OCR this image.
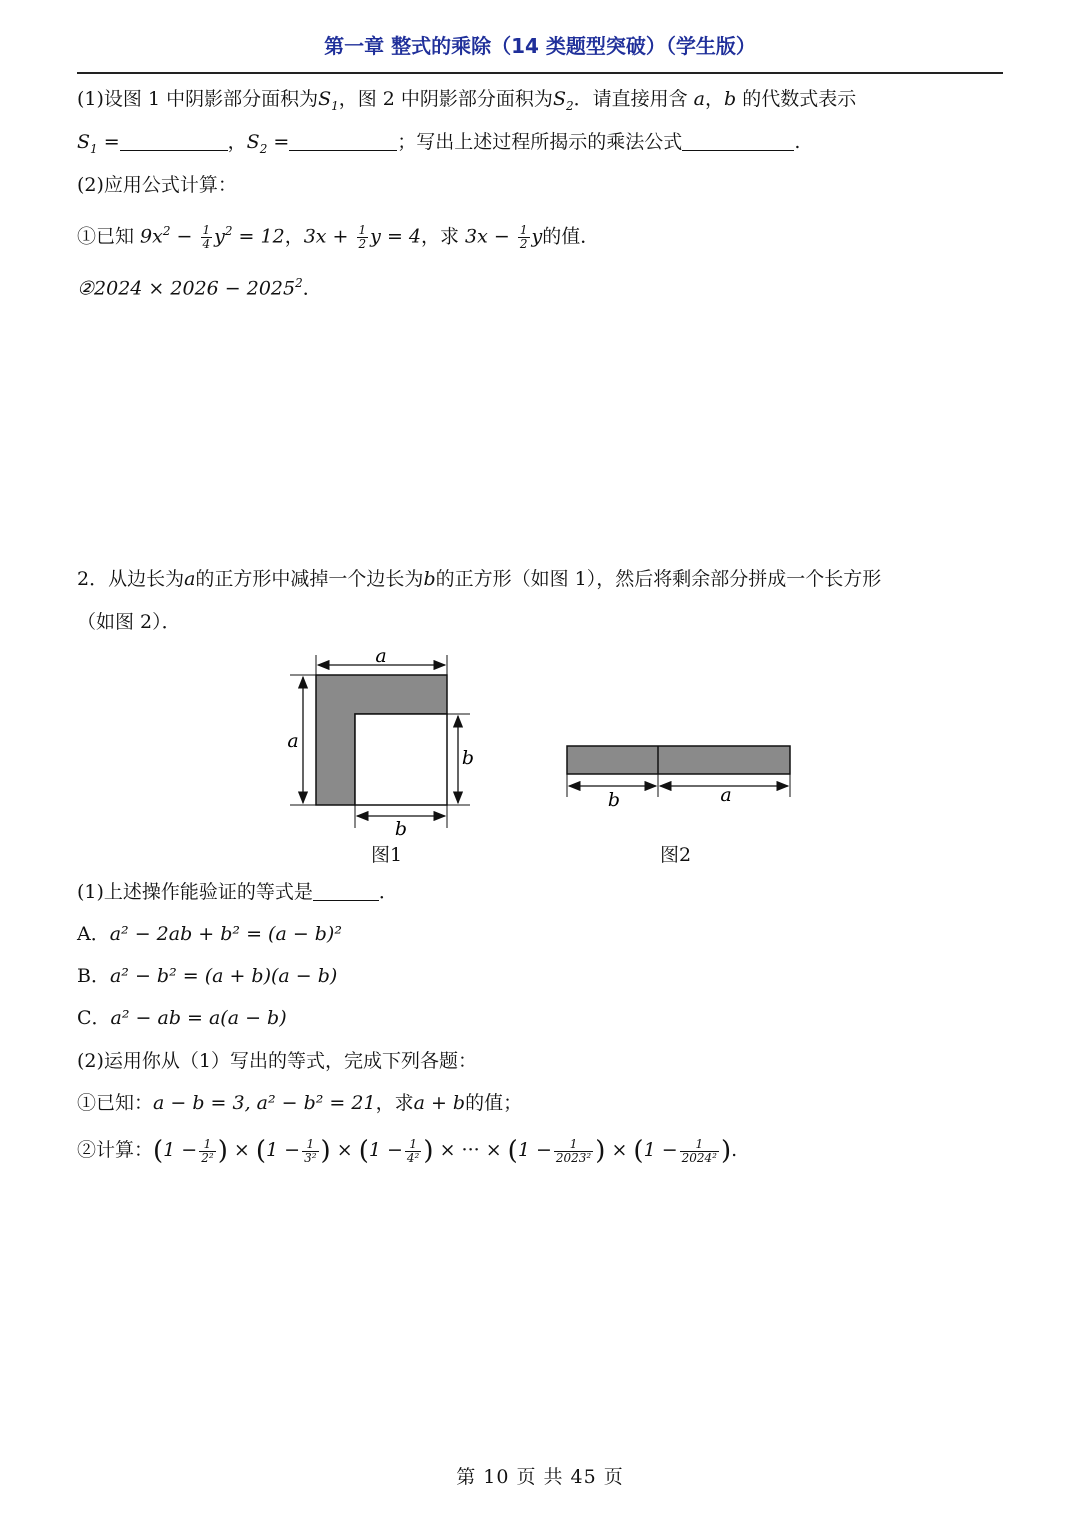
第一章 整式的乘除（14 类题型突破）（学生版）
(1)设图 1 中阴影部分面积为$S_1$，图 2 中阴影部分面积为$S_2$．请直接用含 a，b 的代数式表示
$S_1$ =	，$S_2$ =	；写出上述过程所揭示的乘法公式	.
(2)应用公式计算：
①已知 $9x^2 - \frac{1}{4} y^2 = 12$，$3x + \frac{1}{2}$ y = 4，求 $3x - \frac{1}{2}$ y的值．
②2024 × $2026 - 2025^2$．
2．从边长为a的正方形中减掉一个边长为b的正方形（如图 1），然后将剩余部分拼成一个长方形
（如图 2）．
a
a
b
b
b	a
图1	图2
(1)上述操作能验证的等式是	．
A．a² − 2ab + b² = (a − b)²
B．a² − b² = (a + b)(a − b)
C．a² − ab = a(a − b)
(2)运用你从（1）写出的等式，完成下列各题：
①已知：a − b = 3, a² − b² = 21，求a + b的值；
②计算：($1 - \frac{1}{\text{2²}}$ ) × ($1 - \frac{1}{\text{3²}}$ ) × ($1 - \frac{1}{\text{4²}}$ ) × ··· × ($1 - \frac{1}{\text{2023²}}$ ) × ($1 - \frac{1}{\text{2024²}}$ ).
第 10 页 共 45 页
